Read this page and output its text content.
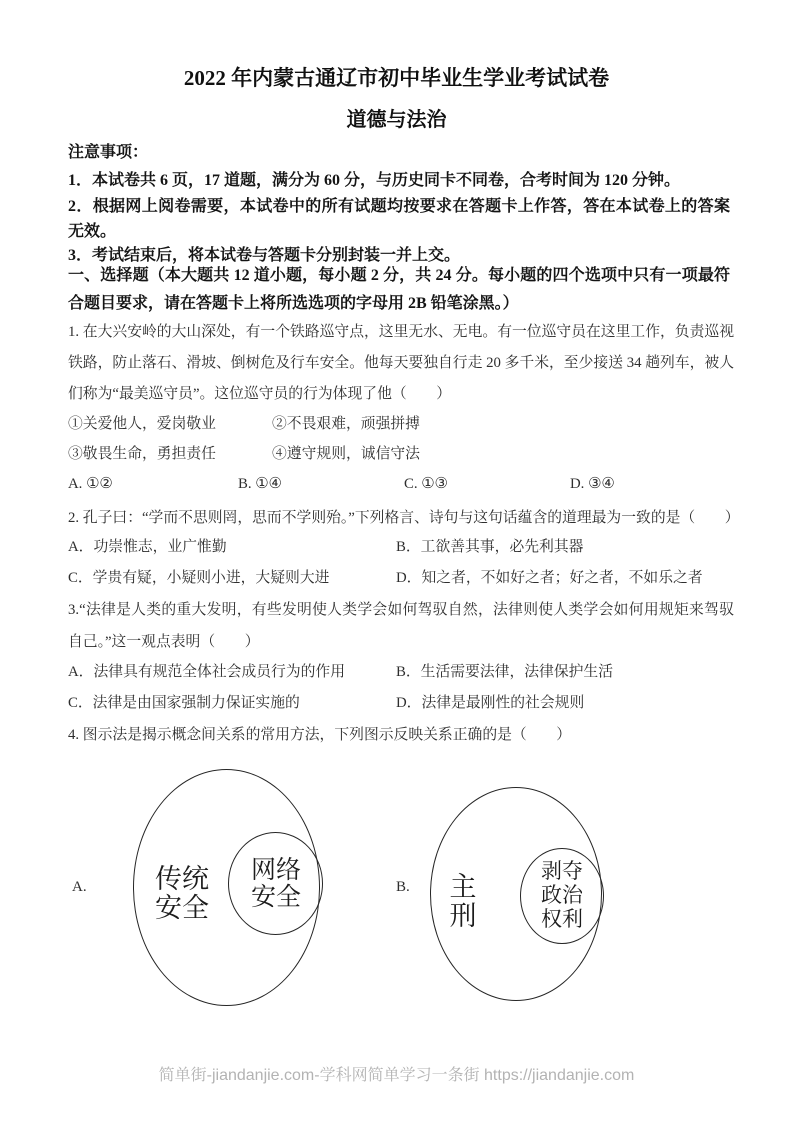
2022 年内蒙古通辽市初中毕业生学业考试试卷
道德与法治
注意事项：
1．本试卷共 6 页，17 道题，满分为 60 分，与历史同卡不同卷，合考时间为 120 分钟。
2．根据网上阅卷需要，本试卷中的所有试题均按要求在答题卡上作答，答在本试卷上的答案无效。
3．考试结束后，将本试卷与答题卡分别封装一并上交。
一、选择题（本大题共 12 道小题，每小题 2 分，共 24 分。每小题的四个选项中只有一项最符合题目要求，请在答题卡上将所选选项的字母用 2B 铅笔涂黑。）
1. 在大兴安岭的大山深处，有一个铁路巡守点，这里无水、无电。有一位巡守员在这里工作，负责巡视铁路，防止落石、滑坡、倒树危及行车安全。他每天要独自行走 20 多千米，至少接送 34 趟列车，被人们称为“最美巡守员”。这位巡守员的行为体现了他（　　）
①关爱他人，爱岗敬业	②不畏艰难，顽强拼搏
③敬畏生命，勇担责任	④遵守规则，诚信守法
A. ①②	B. ①④	C. ①③	D. ③④
2. 孔子曰：“学而不思则罔，思而不学则殆。”下列格言、诗句与这句话蕴含的道理最为一致的是（　　）
A．功崇惟志，业广惟勤	B．工欲善其事，必先利其器
C．学贵有疑，小疑则小进，大疑则大进	D．知之者，不如好之者；好之者，不如乐之者
3.“法律是人类的重大发明，有些发明使人类学会如何驾驭自然，法律则使人类学会如何用规矩来驾驭自己。”这一观点表明（　　）
A．法律具有规范全体社会成员行为的作用	B．生活需要法律，法律保护生活
C．法律是由国家强制力保证实施的	D．法律是最刚性的社会规则
4. 图示法是揭示概念间关系的常用方法，下列图示反映关系正确的是（　　）
A.	传统安全
网络安全	B. 主刑
剥夺政治权利
简单街-jiandanjie.com-学科网简单学习一条街 https://jiandanjie.com
